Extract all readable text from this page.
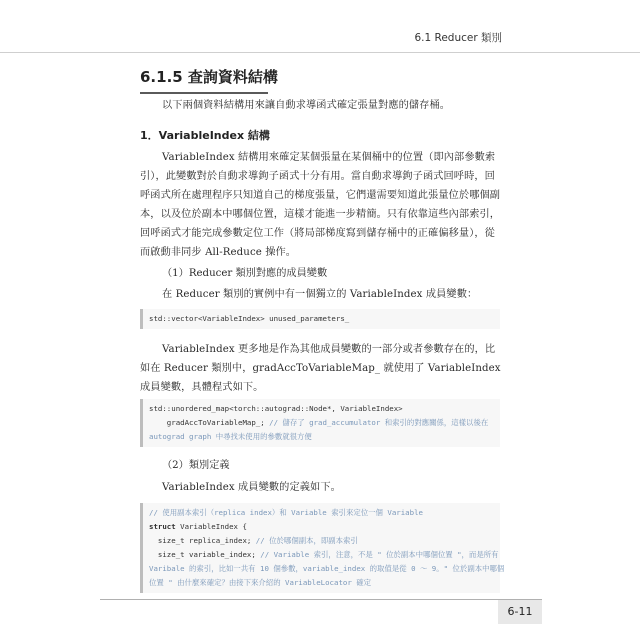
6.1 Reducer 類別
6.1.5 查詢資料結構

以下兩個資料結構用來讓自動求導函式確定張量對應的儲存桶。

1．VariableIndex 結構

VariableIndex 結構用來確定某個張量在某個桶中的位置（即內部參數索引），此變數對於自動求導鉤子函式十分有用。當自動求導鉤子函式回呼時，回呼函式所在處理程序只知道自己的梯度張量，它們還需要知道此張量位於哪個副本，以及位於副本中哪個位置，這樣才能進一步精簡。只有依靠這些內部索引，回呼函式才能完成參數定位工作（將局部梯度寫到儲存桶中的正確偏移量），從而啟動非同步 All-Reduce 操作。

（1）Reducer 類別對應的成員變數

在 Reducer 類別的實例中有一個獨立的 VariableIndex 成員變數：

std::vector<VariableIndex> unused_parameters_

VariableIndex 更多地是作為其他成員變數的一部分或者參數存在的，比如在 Reducer 類別中，gradAccToVariableMap_ 就使用了 VariableIndex 成員變數，具體程式如下。

std::unordered_map<torch::autograd::Node*, VariableIndex>
gradAccToVariableMap_; // 儲存了 grad_accumulator 和索引的對應關係，這樣以後在
autograd graph 中尋找未使用的參數就很方便
（2）類別定義

VariableIndex 成員變數的定義如下。

// 使用副本索引（replica index）和 Variable 索引來定位一個 Variable
struct VariableIndex {
size_t replica_index; // 位於哪個副本，即副本索引
size_t variable_index; // Variable 索引，注意，不是 " 位於副本中哪個位置 "，而是所有
Varibale 的索引，比如一共有 10 個參數，variable_index 的取值是從 0 ～ 9。" 位於副本中哪個
位置 " 由什麼來確定？由接下來介紹的 VariableLocator 確定
6-11
